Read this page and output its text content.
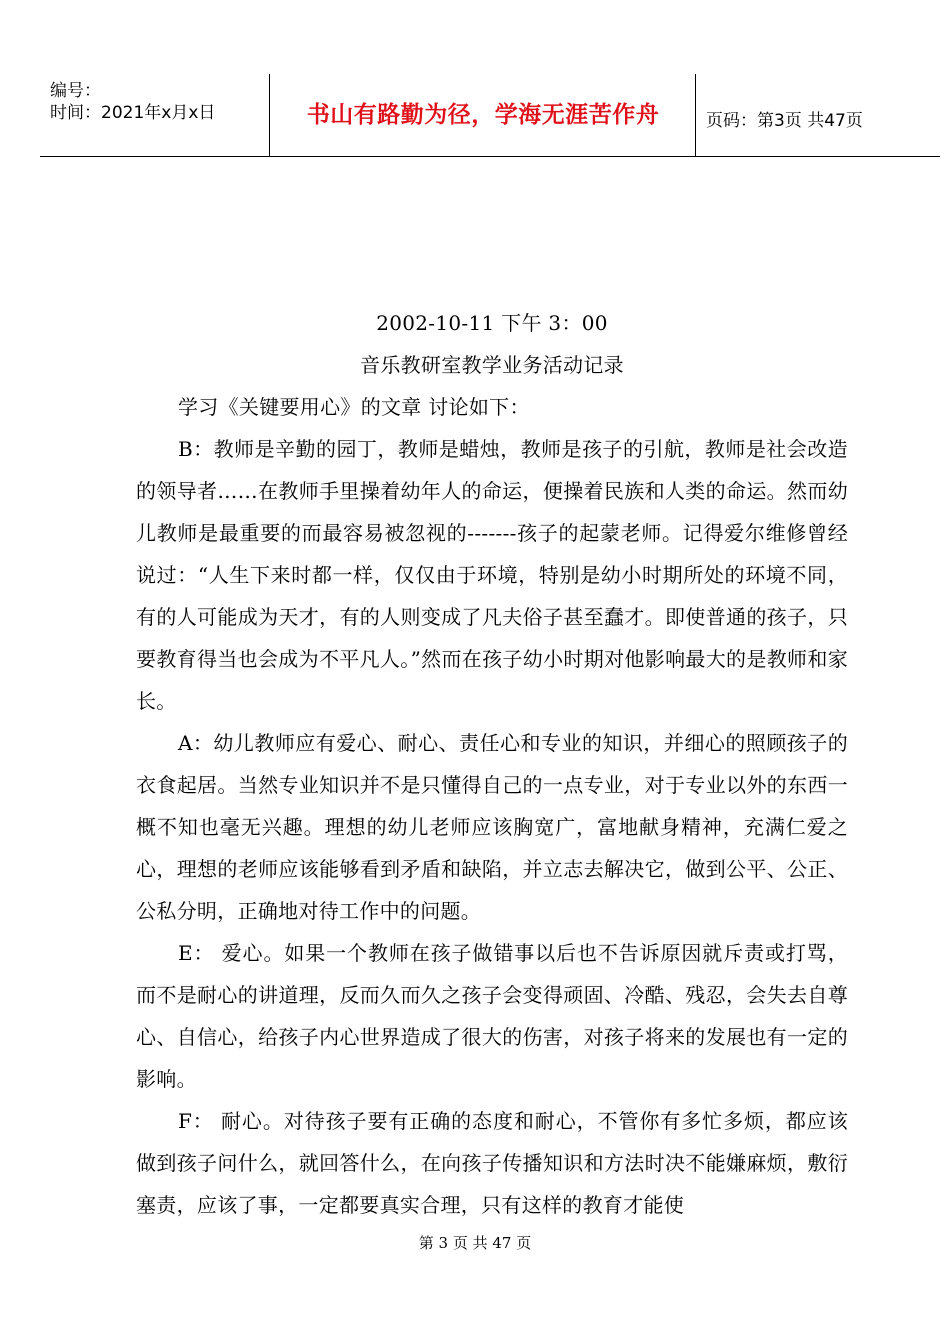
编号：
时间：2021年x月x日	书山有路勤为径，学海无涯苦作舟	页码：第3页 共47页

2002-10-11 下午 3：00

音乐教研室教学业务活动记录

学习《关键要用心》的文章 讨论如下：

B：教师是辛勤的园丁，教师是蜡烛，教师是孩子的引航，教师是社会改造的领导者……在教师手里操着幼年人的命运，便操着民族和人类的命运。然而幼儿教师是最重要的而最容易被忽视的-------孩子的起蒙老师。记得爱尔维修曾经说过：“人生下来时都一样，仅仅由于环境，特别是幼小时期所处的环境不同，有的人可能成为天才，有的人则变成了凡夫俗子甚至蠢才。即使普通的孩子，只要教育得当也会成为不平凡人。”然而在孩子幼小时期对他影响最大的是教师和家长。

A：幼儿教师应有爱心、耐心、责任心和专业的知识，并细心的照顾孩子的衣食起居。当然专业知识并不是只懂得自己的一点专业，对于专业以外的东西一概不知也毫无兴趣。理想的幼儿老师应该胸宽广，富地献身精神，充满仁爱之心，理想的老师应该能够看到矛盾和缺陷，并立志去解决它，做到公平、公正、公私分明，正确地对待工作中的问题。

E： 爱心。如果一个教师在孩子做错事以后也不告诉原因就斥责或打骂，而不是耐心的讲道理，反而久而久之孩子会变得顽固、冷酷、残忍，会失去自尊心、自信心，给孩子内心世界造成了很大的伤害，对孩子将来的发展也有一定的影响。

F： 耐心。对待孩子要有正确的态度和耐心，不管你有多忙多烦，都应该做到孩子问什么，就回答什么，在向孩子传播知识和方法时决不能嫌麻烦，敷衍塞责，应该了事，一定都要真实合理，只有这样的教育才能使

第 3 页 共 47 页
